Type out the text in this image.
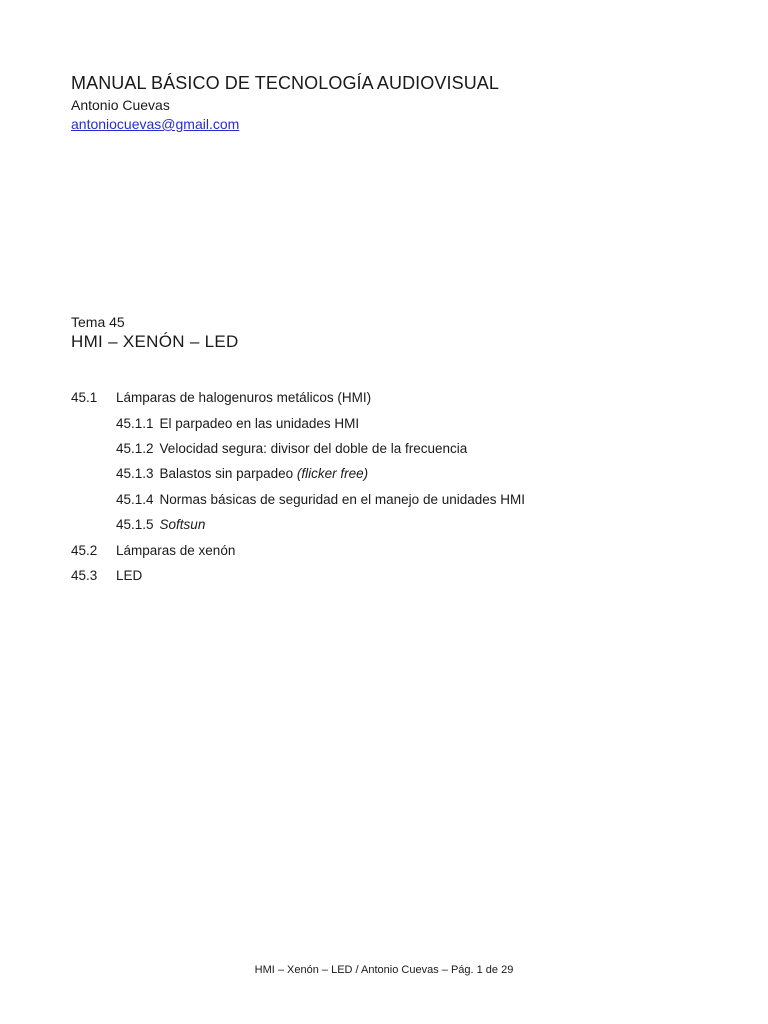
MANUAL BÁSICO DE TECNOLOGÍA AUDIOVISUAL
Antonio Cuevas
antoniocuevas@gmail.com
Tema 45
HMI – XENÓN – LED
45.1	Lámparas de halogenuros metálicos (HMI)
45.1.1 El parpadeo en las unidades HMI
45.1.2 Velocidad segura: divisor del doble de la frecuencia
45.1.3 Balastos sin parpadeo (flicker free)
45.1.4 Normas básicas de seguridad en el manejo de unidades HMI
45.1.5 Softsun
45.2	Lámparas de xenón
45.3	LED
HMI – Xenón – LED / Antonio Cuevas – Pág. 1 de 29
